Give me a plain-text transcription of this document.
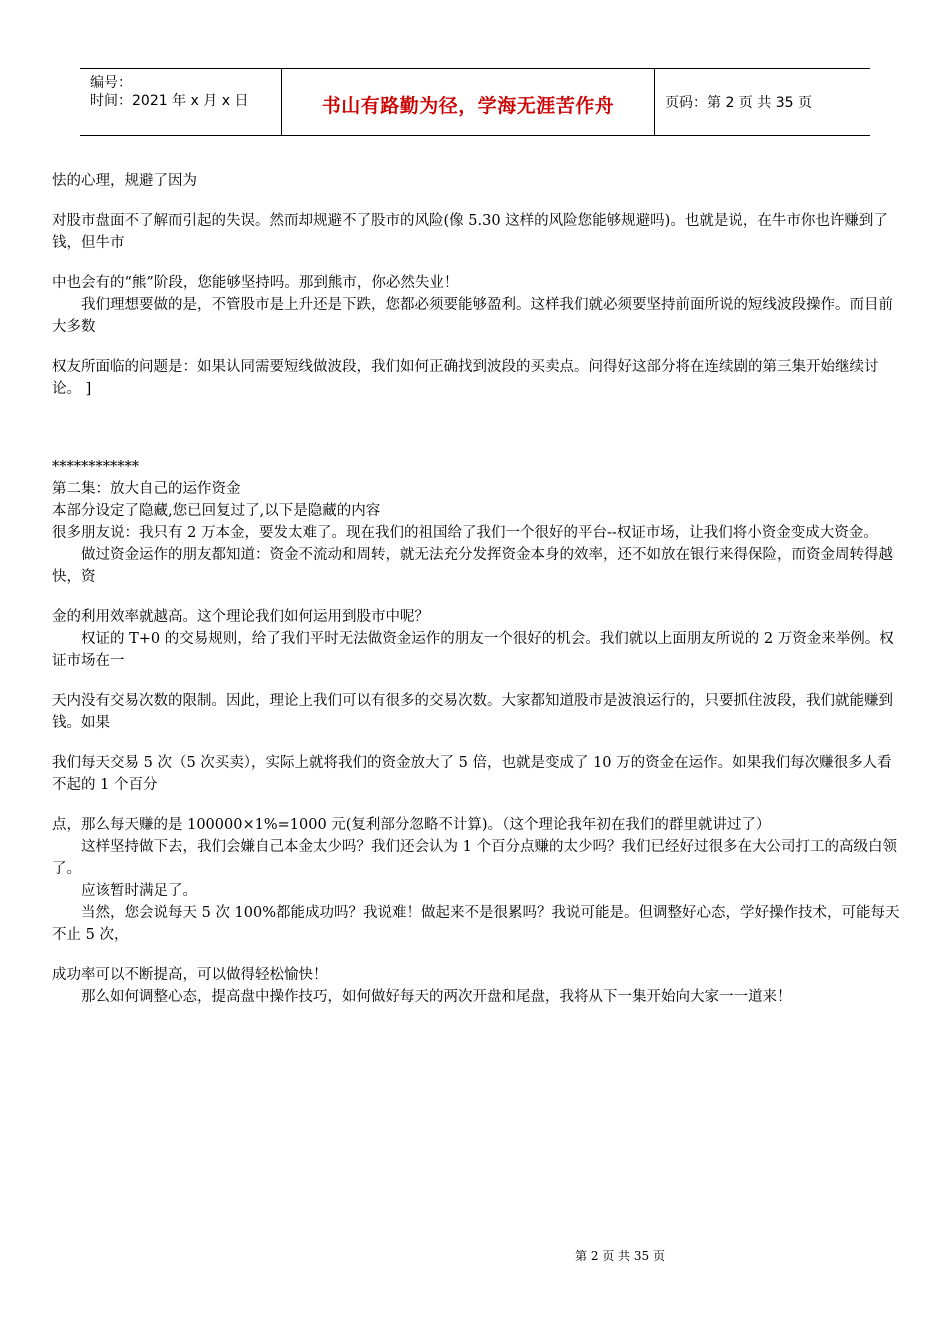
编号：
时间：2021 年 x 月 x 日	书山有路勤为径，学海无涯苦作舟	页码：第 2 页 共 35 页

怯的心理，规避了因为

对股市盘面不了解而引起的失误。然而却规避不了股市的风险(像 5.30 这样的风险您能够规避吗)。也就是说，在牛市你也许赚到了钱，但牛市

中也会有的“熊”阶段，您能够坚持吗。那到熊市，你必然失业！

我们理想要做的是，不管股市是上升还是下跌，您都必须要能够盈利。这样我们就必须要坚持前面所说的短线波段操作。而目前大多数

权友所面临的问题是：如果认同需要短线做波段，我们如何正确找到波段的买卖点。问得好这部分将在连续剧的第三集开始继续讨论。 ]

************

第二集：放大自己的运作资金

本部分设定了隐藏,您已回复过了,以下是隐藏的内容

很多朋友说：我只有 2 万本金，要发太难了。现在我们的祖国给了我们一个很好的平台--权证市场，让我们将小资金变成大资金。

做过资金运作的朋友都知道：资金不流动和周转，就无法充分发挥资金本身的效率，还不如放在银行来得保险，而资金周转得越快，资

金的利用效率就越高。这个理论我们如何运用到股市中呢？

权证的 T+0 的交易规则，给了我们平时无法做资金运作的朋友一个很好的机会。我们就以上面朋友所说的 2 万资金来举例。权证市场在一

天内没有交易次数的限制。因此，理论上我们可以有很多的交易次数。大家都知道股市是波浪运行的，只要抓住波段，我们就能赚到钱。如果

我们每天交易 5 次（5 次买卖），实际上就将我们的资金放大了 5 倍，也就是变成了 10 万的资金在运作。如果我们每次赚很多人看不起的 1 个百分

点，那么每天赚的是 100000×1%=1000 元(复利部分忽略不计算)。（这个理论我年初在我们的群里就讲过了）

这样坚持做下去，我们会嫌自己本金太少吗？我们还会认为 1 个百分点赚的太少吗？我们已经好过很多在大公司打工的高级白领了。

应该暂时满足了。

当然，您会说每天 5 次 100%都能成功吗？我说难！做起来不是很累吗？我说可能是。但调整好心态，学好操作技术，可能每天不止 5 次，

成功率可以不断提高，可以做得轻松愉快！

那么如何调整心态，提高盘中操作技巧，如何做好每天的两次开盘和尾盘，我将从下一集开始向大家一一道来！

第 2 页 共 35 页
